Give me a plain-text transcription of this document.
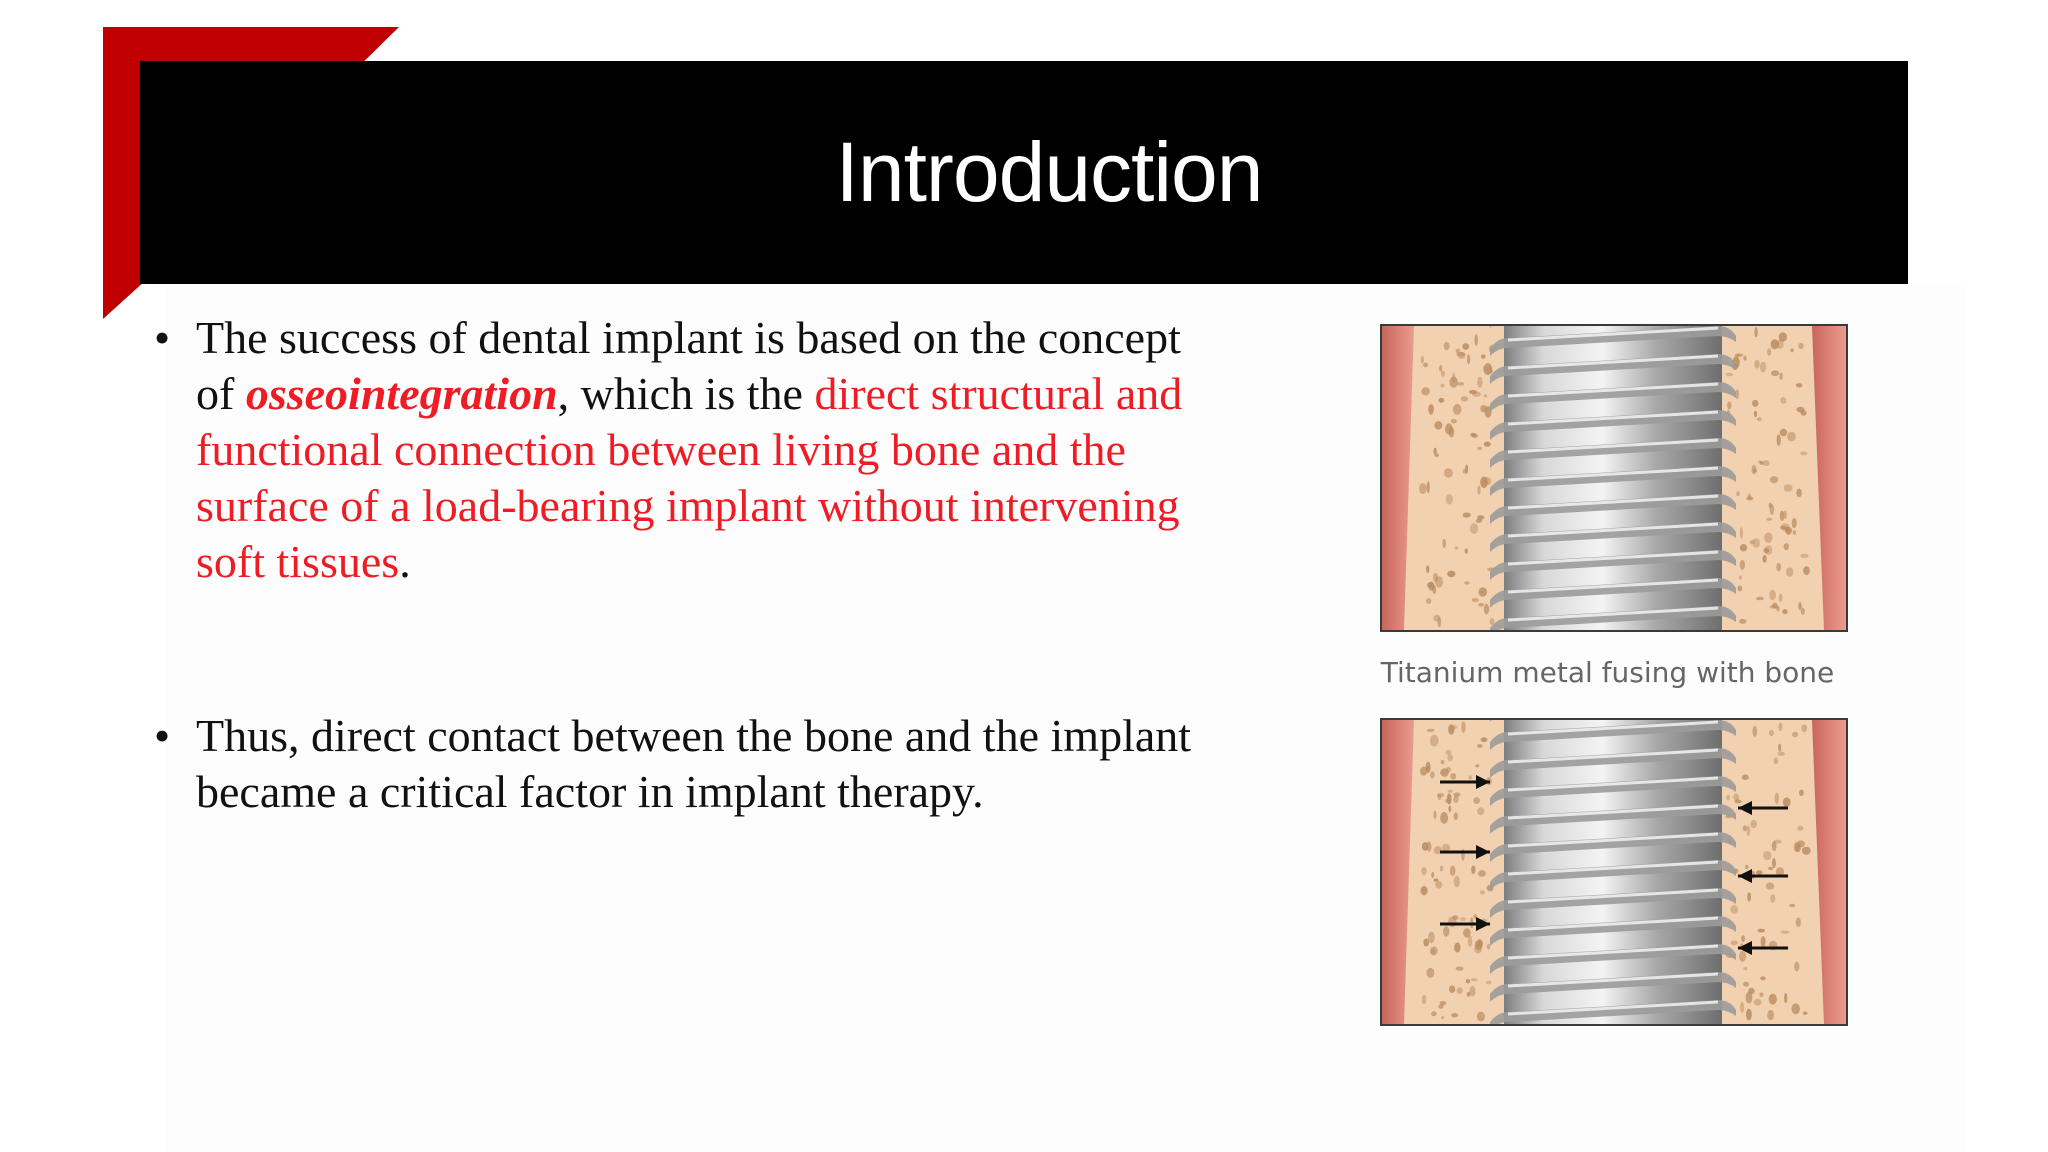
Introduction
• The success of dental implant is based on the concept of osseointegration, which is the direct structural and functional connection between living bone and the surface of a load-bearing implant without intervening soft tissues.
• Thus, direct contact between the bone and the implant became a critical factor in implant therapy.
Titanium metal fusing with bone
